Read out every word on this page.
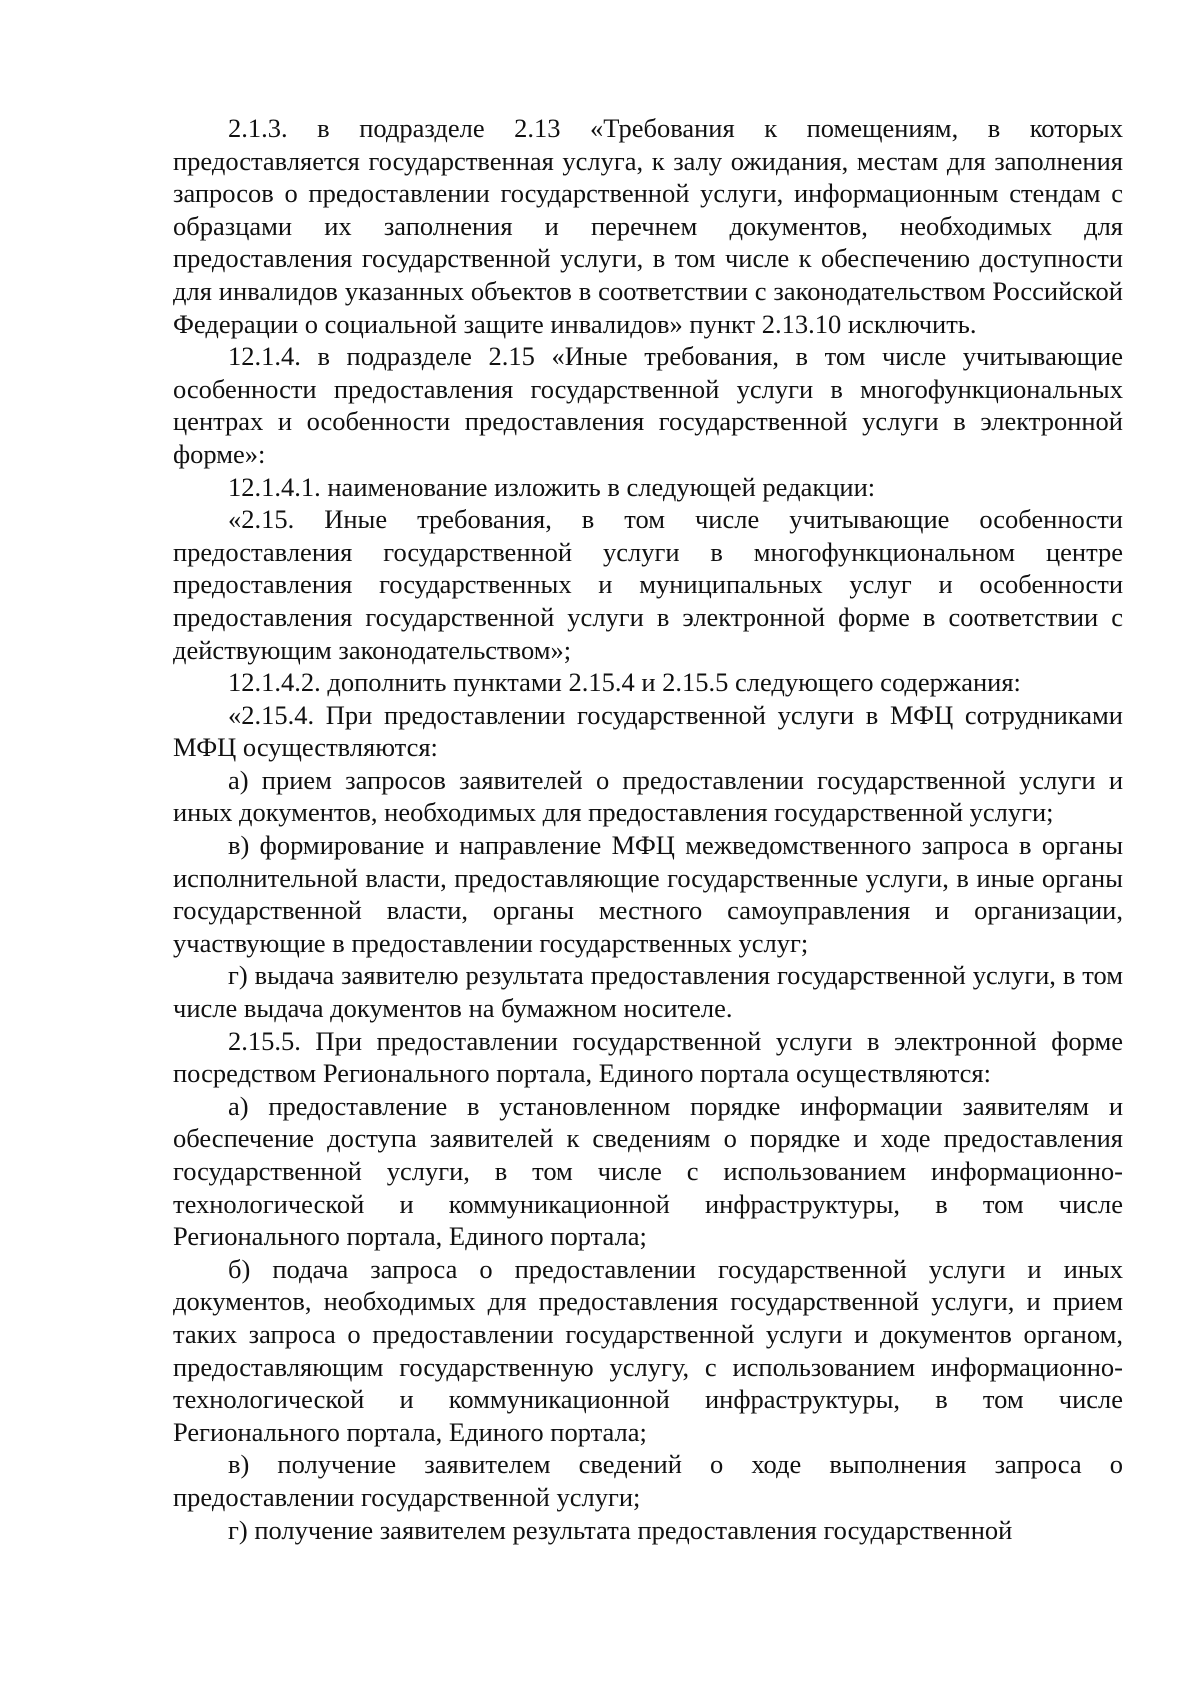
2.1.3. в подразделе 2.13 «Требования к помещениям, в которых предоставляется государственная услуга, к залу ожидания, местам для заполнения запросов о предоставлении государственной услуги, информационным стендам с образцами их заполнения и перечнем документов, необходимых для предоставления государственной услуги, в том числе к обеспечению доступности для инвалидов указанных объектов в соответствии с законодательством Российской Федерации о социальной защите инвалидов» пункт 2.13.10 исключить.

12.1.4. в подразделе 2.15 «Иные требования, в том числе учитывающие особенности предоставления государственной услуги в многофункциональных центрах и особенности предоставления государственной услуги в электронной форме»:

12.1.4.1. наименование изложить в следующей редакции:

«2.15. Иные требования, в том числе учитывающие особенности предоставления государственной услуги в многофункциональном центре предоставления государственных и муниципальных услуг и особенности предоставления государственной услуги в электронной форме в соответствии с действующим законодательством»;

12.1.4.2. дополнить пунктами 2.15.4 и 2.15.5 следующего содержания:

«2.15.4. При предоставлении государственной услуги в МФЦ сотрудниками МФЦ осуществляются:

а) прием запросов заявителей о предоставлении государственной услуги и иных документов, необходимых для предоставления государственной услуги;

в) формирование и направление МФЦ межведомственного запроса в органы исполнительной власти, предоставляющие государственные услуги, в иные органы государственной власти, органы местного самоуправления и организации, участвующие в предоставлении государственных услуг;

г) выдача заявителю результата предоставления государственной услуги, в том числе выдача документов на бумажном носителе.

2.15.5. При предоставлении государственной услуги в электронной форме посредством Регионального портала, Единого портала осуществляются:

а) предоставление в установленном порядке информации заявителям и обеспечение доступа заявителей к сведениям о порядке и ходе предоставления государственной услуги, в том числе с использованием информационно-технологической и коммуникационной инфраструктуры, в том числе Регионального портала, Единого портала;

б) подача запроса о предоставлении государственной услуги и иных документов, необходимых для предоставления государственной услуги, и прием таких запроса о предоставлении государственной услуги и документов органом, предоставляющим государственную услугу, с использованием информационно-технологической и коммуникационной инфраструктуры, в том числе Регионального портала, Единого портала;

в) получение заявителем сведений о ходе выполнения запроса о предоставлении государственной услуги;

г) получение заявителем результата предоставления государственной
